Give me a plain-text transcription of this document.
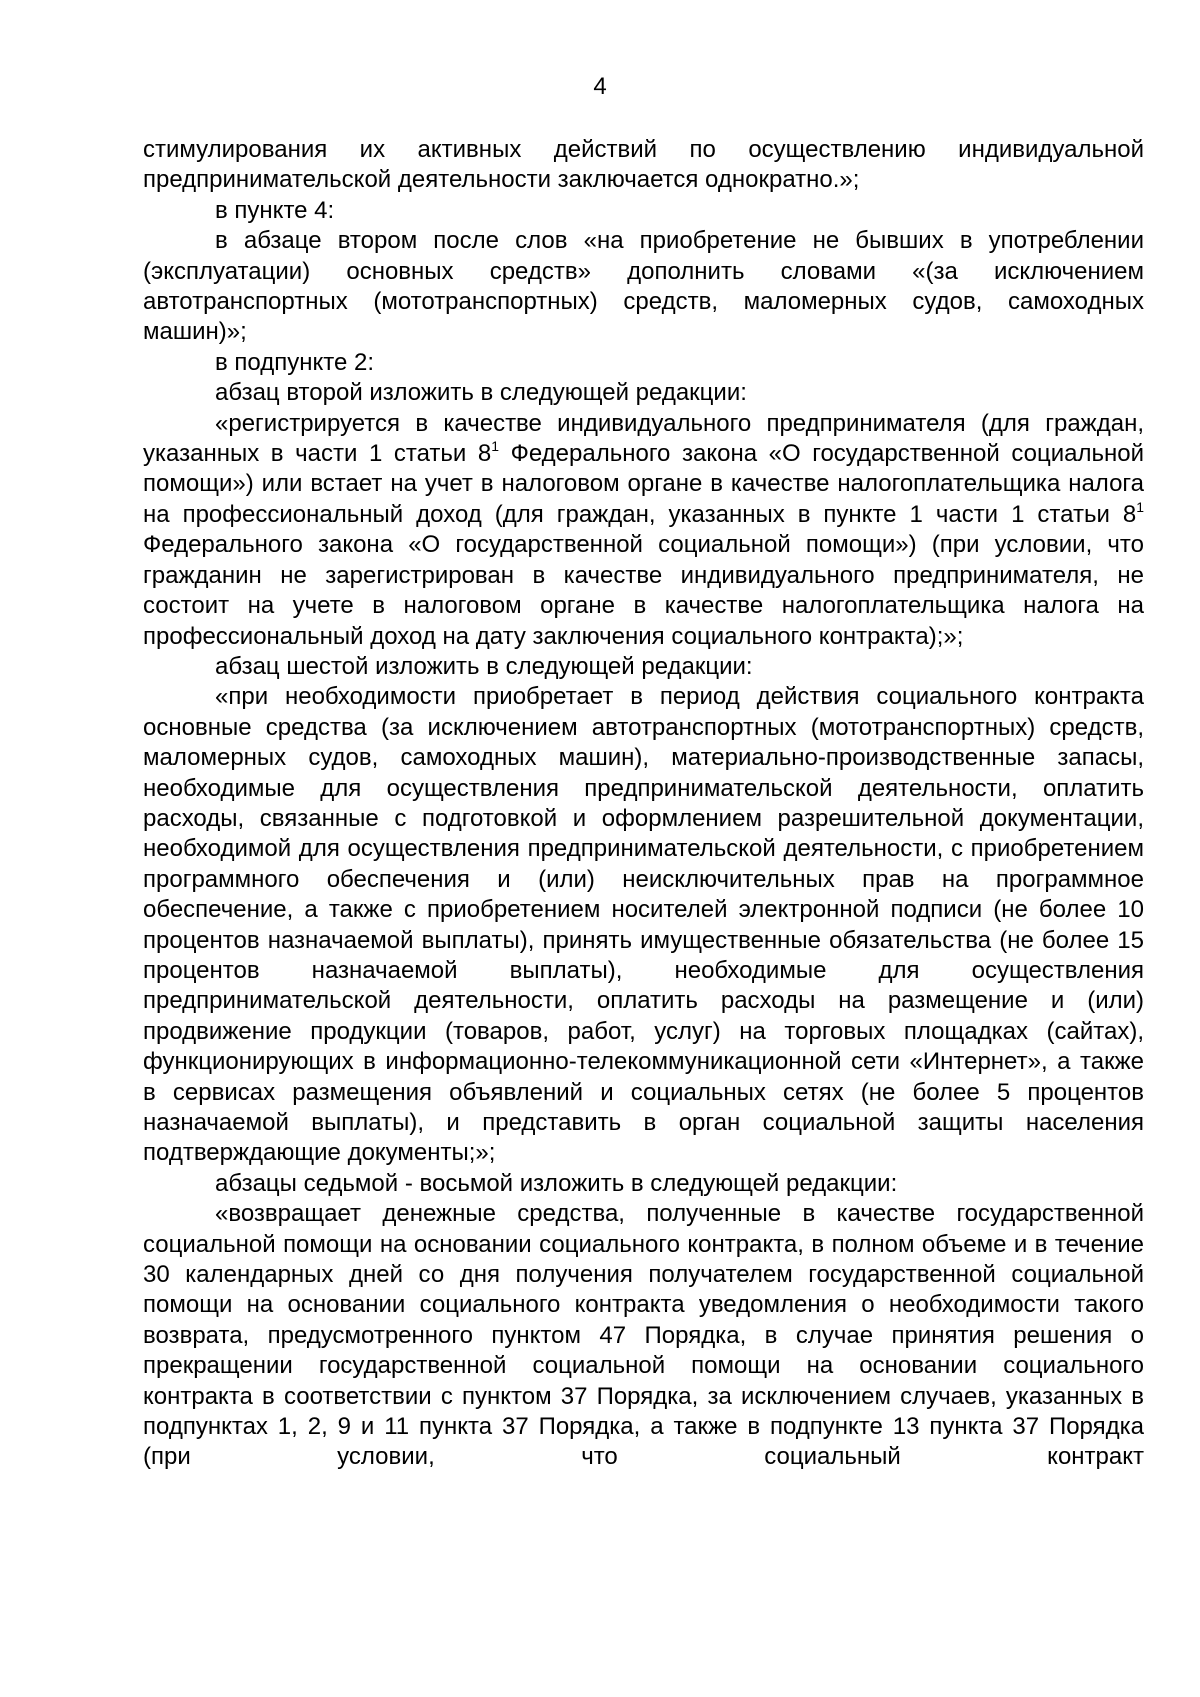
4

стимулирования их активных действий по осуществлению индивидуальной предпринимательской деятельности заключается однократно.»;

в пункте 4:

в абзаце втором после слов «на приобретение не бывших в употреблении (эксплуатации) основных средств» дополнить словами «(за исключением автотранспортных (мототранспортных) средств, маломерных судов, самоходных машин)»;

в подпункте 2:

абзац второй изложить в следующей редакции:

«регистрируется в качестве индивидуального предпринимателя (для граждан, указанных в части 1 статьи $8^1$ Федерального закона «О государственной социальной помощи») или встает на учет в налоговом органе в качестве налогоплательщика налога на профессиональный доход (для граждан, указанных в пункте 1 части 1 статьи $8^1$ Федерального закона «О государственной социальной помощи») (при условии, что гражданин не зарегистрирован в качестве индивидуального предпринимателя, не состоит на учете в налоговом органе в качестве налогоплательщика налога на профессиональный доход на дату заключения социального контракта);»;

абзац шестой изложить в следующей редакции:

«при необходимости приобретает в период действия социального контракта основные средства (за исключением автотранспортных (мототранспортных) средств, маломерных судов, самоходных машин), материально-производственные запасы, необходимые для осуществления предпринимательской деятельности, оплатить расходы, связанные с подготовкой и оформлением разрешительной документации, необходимой для осуществления предпринимательской деятельности, с приобретением программного обеспечения и (или) неисключительных прав на программное обеспечение, а также с приобретением носителей электронной подписи (не более 10 процентов назначаемой выплаты), принять имущественные обязательства (не более 15 процентов назначаемой выплаты), необходимые для осуществления предпринимательской деятельности, оплатить расходы на размещение и (или) продвижение продукции (товаров, работ, услуг) на торговых площадках (сайтах), функционирующих в информационно-телекоммуникационной сети «Интернет», а также в сервисах размещения объявлений и социальных сетях (не более 5 процентов назначаемой выплаты), и представить в орган социальной защиты населения подтверждающие документы;»;

абзацы седьмой - восьмой изложить в следующей редакции:

«возвращает денежные средства, полученные в качестве государственной социальной помощи на основании социального контракта, в полном объеме и в течение 30 календарных дней со дня получения получателем государственной социальной помощи на основании социального контракта уведомления о необходимости такого возврата, предусмотренного пунктом 47 Порядка, в случае принятия решения о прекращении государственной социальной помощи на основании социального контракта в соответствии с пунктом 37 Порядка, за исключением случаев, указанных в подпунктах 1, 2, 9 и 11 пункта 37 Порядка, а также в подпункте 13 пункта 37 Порядка (при условии, что социальный контракт
